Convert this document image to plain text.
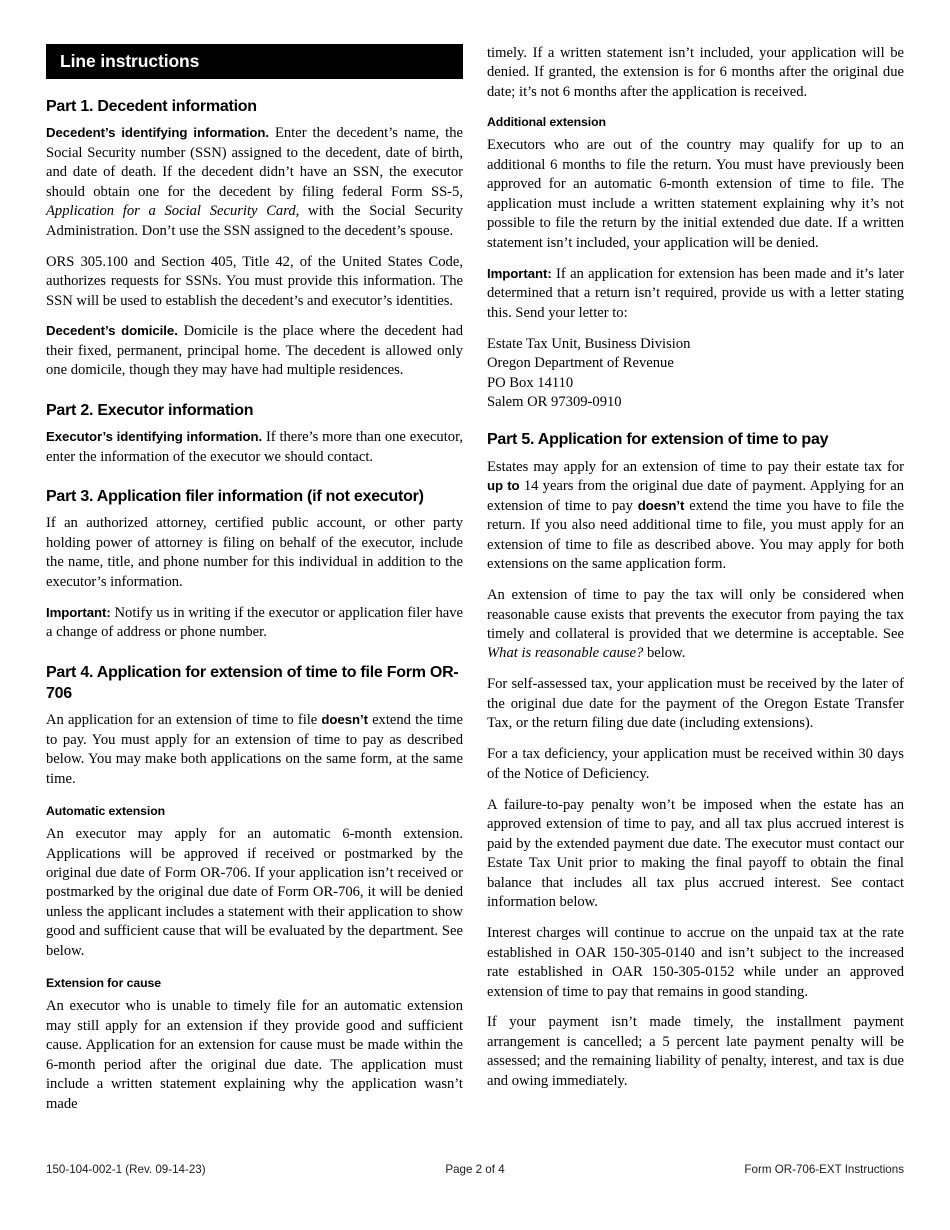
Line instructions
Part 1. Decedent information

Decedent’s identifying information. Enter the decedent’s name, the Social Security number (SSN) assigned to the decedent, date of birth, and date of death. If the decedent didn’t have an SSN, the executor should obtain one for the decedent by filing federal Form SS-5, Application for a Social Security Card, with the Social Security Administration. Don’t use the SSN assigned to the decedent’s spouse.

ORS 305.100 and Section 405, Title 42, of the United States Code, authorizes requests for SSNs. You must provide this information. The SSN will be used to establish the decedent’s and executor’s identities.

Decedent’s domicile. Domicile is the place where the decedent had their fixed, permanent, principal home. The decedent is allowed only one domicile, though they may have had multiple residences.

Part 2. Executor information

Executor’s identifying information. If there’s more than one executor, enter the information of the executor we should contact.

Part 3. Application filer information (if not executor)

If an authorized attorney, certified public account, or other party holding power of attorney is filing on behalf of the executor, include the name, title, and phone number for this individual in addition to the executor’s information.

Important: Notify us in writing if the executor or application filer have a change of address or phone number.

Part 4. Application for extension of time to file Form OR-706

An application for an extension of time to file doesn’t extend the time to pay. You must apply for an extension of time to pay as described below. You may make both applications on the same form, at the same time.

Automatic extension

An executor may apply for an automatic 6-month extension. Applications will be approved if received or postmarked by the original due date of Form OR-706. If your application isn’t received or postmarked by the original due date of Form OR-706, it will be denied unless the applicant includes a statement with their application to show good and sufficient cause that will be evaluated by the department. See below.

Extension for cause

An executor who is unable to timely file for an automatic extension may still apply for an extension if they provide good and sufficient cause. Application for an extension for cause must be made within the 6-month period after the original due date. The application must include a written statement explaining why the application wasn’t made

timely. If a written statement isn’t included, your application will be denied. If granted, the extension is for 6 months after the original due date; it’s not 6 months after the application is received.

Additional extension

Executors who are out of the country may qualify for up to an additional 6 months to file the return. You must have previously been approved for an automatic 6-month extension of time to file. The application must include a written statement explaining why it’s not possible to file the return by the initial extended due date. If a written statement isn’t included, your application will be denied.

Important: If an application for extension has been made and it’s later determined that a return isn’t required, provide us with a letter stating this. Send your letter to:

Estate Tax Unit, Business Division
Oregon Department of Revenue
PO Box 14110
Salem OR 97309-0910
Part 5. Application for extension of time to pay

Estates may apply for an extension of time to pay their estate tax for up to 14 years from the original due date of payment. Applying for an extension of time to pay doesn’t extend the time you have to file the return. If you also need additional time to file, you must apply for an extension of time to file as described above. You may apply for both extensions on the same application form.

An extension of time to pay the tax will only be considered when reasonable cause exists that prevents the executor from paying the tax timely and collateral is provided that we determine is acceptable. See What is reasonable cause? below.

For self-assessed tax, your application must be received by the later of the original due date for the payment of the Oregon Estate Transfer Tax, or the return filing due date (including extensions).

For a tax deficiency, your application must be received within 30 days of the Notice of Deficiency.

A failure-to-pay penalty won’t be imposed when the estate has an approved extension of time to pay, and all tax plus accrued interest is paid by the extended payment due date. The executor must contact our Estate Tax Unit prior to making the final payoff to obtain the final balance that includes all tax plus accrued interest. See contact information below.

Interest charges will continue to accrue on the unpaid tax at the rate established in OAR 150-305-0140 and isn’t subject to the increased rate established in OAR 150-305-0152 while under an approved extension of time to pay that remains in good standing.

If your payment isn’t made timely, the installment payment arrangement is cancelled; a 5 percent late payment penalty will be assessed; and the remaining liability of penalty, interest, and tax is due and owing immediately.

150-104-002-1 (Rev. 09-14-23)	Page 2 of 4	Form OR-706-EXT Instructions
